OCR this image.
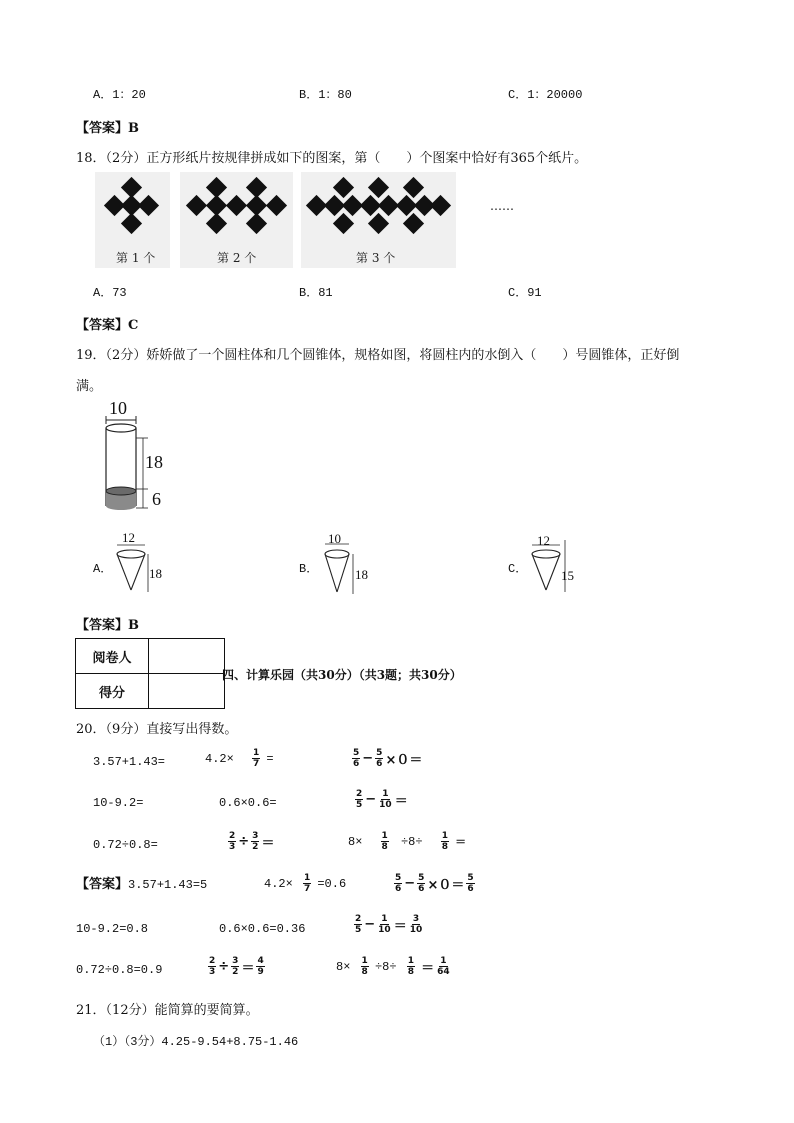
A．1：20	B．1：80	C．1：20000
【答案】B
18．（2分）正方形纸片按规律拼成如下的图案，第（　　）个图案中恰好有365个纸片。
第 1 个	第 2 个	第 3 个
……
A．73	B．81	C．91
【答案】C
19．（2分）娇娇做了一个圆柱体和几个圆锥体，规格如图，将圆柱内的水倒入（　　）号圆锥体，正好倒
满。
10
18
6
A．
12
18	B．
10
18	C．
12
15
【答案】B
阅卷人	
得分	
四、计算乐园（共30分）（共3题；共30分）
20．（9分）直接写出得数。
3.57+1.43=	$4.2\times \frac{1}{7}$ =	$\frac{5}{6} - \frac{5}{6} \times 0=$
10-9.2=	0.6×0.6=	$\frac{2}{5} - \frac{1}{10}$ ＝
0.72÷0.8=	$\frac{2}{3} \div \frac{3}{2}$ ＝	$8\times \frac{1}{8} \div 8\div \frac{1}{8}$ ＝
【答案】3.57+1.43=5	$4.2\times \frac{1}{7} =0.6$	$\frac{5}{6} - \frac{5}{6} \times 0= \frac{5}{6}$
10-9.2=0.8	0.6×0.6=0.36	$\frac{2}{5} - \frac{1}{10} = \frac{3}{10}$
0.72÷0.8=0.9	$\frac{2}{3} \div \frac{3}{2} = \frac{4}{9}$	$8\times \frac{1}{8} \div 8\div \frac{1}{8} = \frac{1}{64}$
21．（12分）能简算的要简算。
（1）（3分）4.25-9.54+8.75-1.46
